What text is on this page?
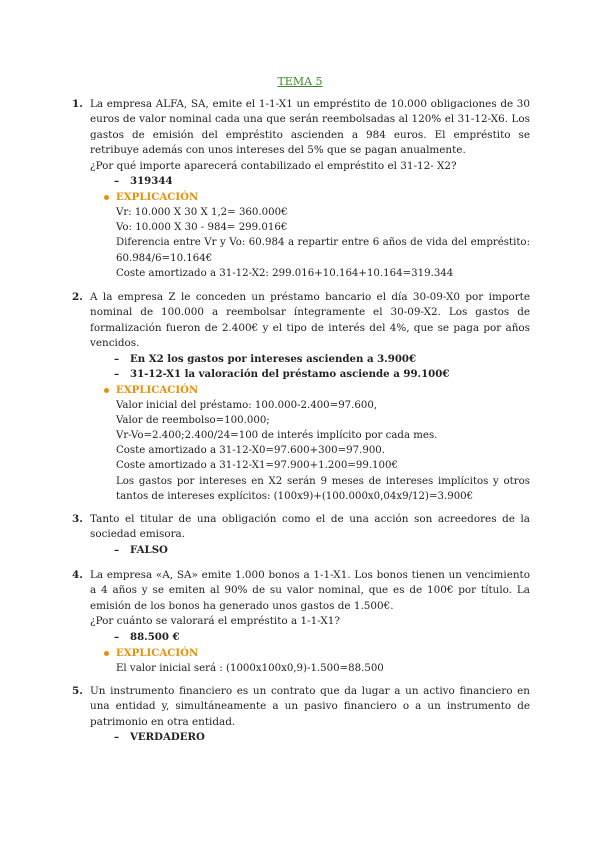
TEMA 5
1. La empresa ALFA, SA, emite el 1-1-X1 un empréstito de 10.000 obligaciones de 30 euros de valor nominal cada una que serán reembolsadas al 120% el 31-12-X6. Los gastos de emisión del empréstito ascienden a 984 euros. El empréstito se retribuye además con unos intereses del 5% que se pagan anualmente.

¿Por qué importe aparecerá contabilizado el empréstito el 31-12- X2?

– 319344
EXPLICACIÓN
Vr: 10.000 X 30 X 1,2= 360.000€
Vo: 10.000 X 30 - 984= 299.016€
Diferencia entre Vr y Vo: 60.984 a repartir entre 6 años de vida del empréstito: 60.984/6=10.164€
Coste amortizado a 31-12-X2: 299.016+10.164+10.164=319.344
2. A la empresa Z le conceden un préstamo bancario el día 30-09-X0 por importe nominal de 100.000 a reembolsar íntegramente el 30-09-X2. Los gastos de formalización fueron de 2.400€ y el tipo de interés del 4%, que se paga por años vencidos.

– En X2 los gastos por intereses ascienden a 3.900€
– 31-12-X1 la valoración del préstamo asciende a 99.100€
EXPLICACIÓN
Valor inicial del préstamo: 100.000-2.400=97.600,
Valor de reembolso=100.000;
Vr-Vo=2.400;2.400/24=100 de interés implícito por cada mes.
Coste amortizado a 31-12-X0=97.600+300=97.900.
Coste amortizado a 31-12-X1=97.900+1.200=99.100€
Los gastos por intereses en X2 serán 9 meses de intereses implícitos y otros tantos de intereses explícitos: (100x9)+(100.000x0,04x9/12)=3.900€
3. Tanto el titular de una obligación como el de una acción son acreedores de la sociedad emisora.

– FALSO
4. La empresa «A, SA» emite 1.000 bonos a 1-1-X1. Los bonos tienen un vencimiento a 4 años y se emiten al 90% de su valor nominal, que es de 100€ por título. La emisión de los bonos ha generado unos gastos de 1.500€.

¿Por cuánto se valorará el empréstito a 1-1-X1?

– 88.500 €
EXPLICACIÓN
El valor inicial será : (1000x100x0,9)-1.500=88.500
5. Un instrumento financiero es un contrato que da lugar a un activo financiero en una entidad y, simultáneamente a un pasivo financiero o a un instrumento de patrimonio en otra entidad.

– VERDADERO
